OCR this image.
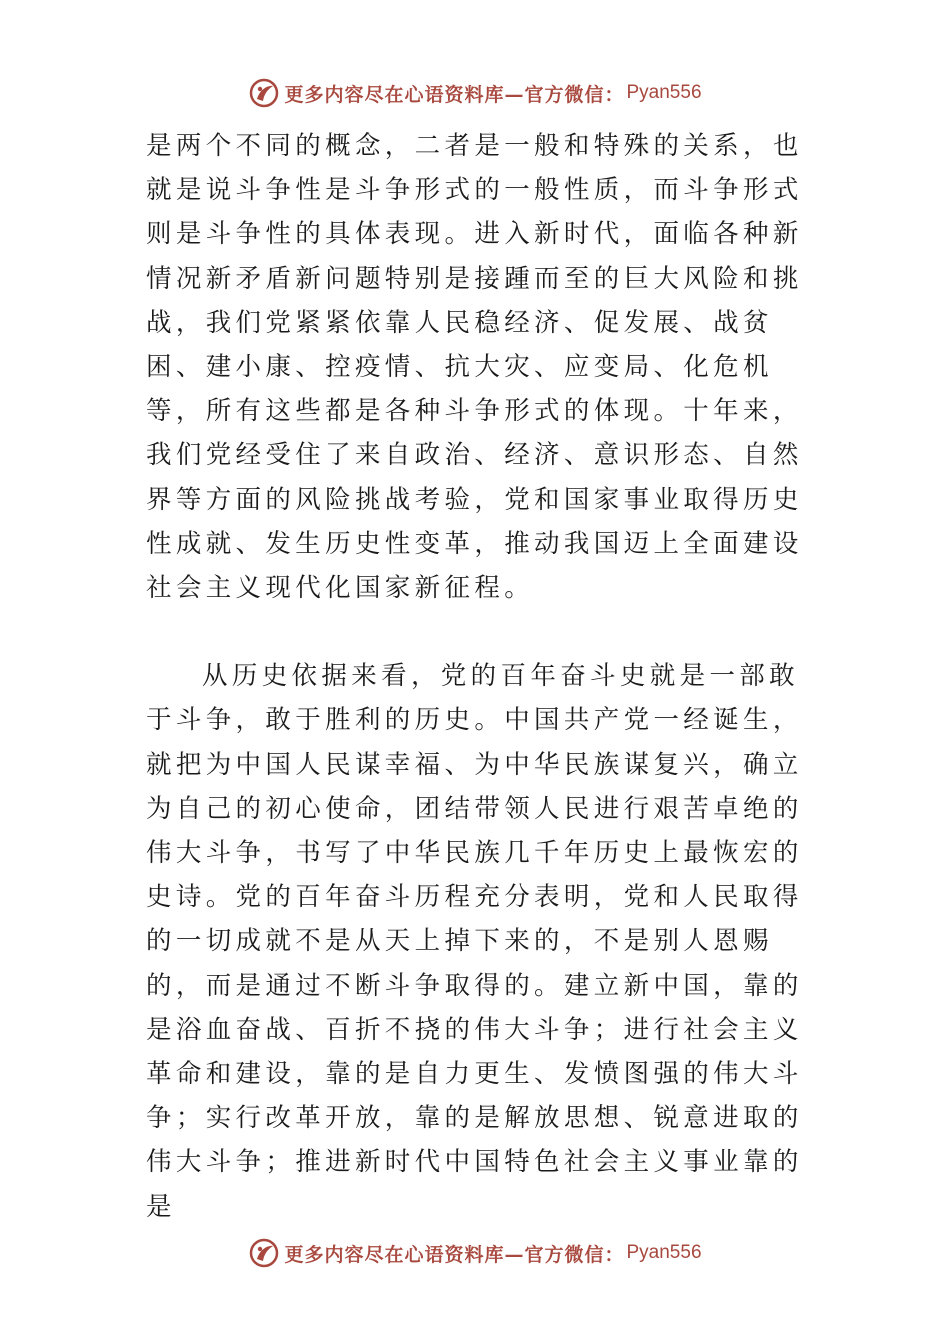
更多内容尽在心语资料库—官方微信： Pyan556

是两个不同的概念，二者是一般和特殊的关系，也就是说斗争性是斗争形式的一般性质，而斗争形式则是斗争性的具体表现。进入新时代，面临各种新情况新矛盾新问题特别是接踵而至的巨大风险和挑战，我们党紧紧依靠人民稳经济、促发展、战贫困、建小康、控疫情、抗大灾、应变局、化危机等，所有这些都是各种斗争形式的体现。十年来，我们党经受住了来自政治、经济、意识形态、自然界等方面的风险挑战考验，党和国家事业取得历史性成就、发生历史性变革，推动我国迈上全面建设社会主义现代化国家新征程。

从历史依据来看，党的百年奋斗史就是一部敢于斗争，敢于胜利的历史。中国共产党一经诞生，就把为中国人民谋幸福、为中华民族谋复兴，确立为自己的初心使命，团结带领人民进行艰苦卓绝的伟大斗争，书写了中华民族几千年历史上最恢宏的史诗。党的百年奋斗历程充分表明，党和人民取得的一切成就不是从天上掉下来的，不是别人恩赐的，而是通过不断斗争取得的。建立新中国，靠的是浴血奋战、百折不挠的伟大斗争；进行社会主义革命和建设，靠的是自力更生、发愤图强的伟大斗争；实行改革开放，靠的是解放思想、锐意进取的伟大斗争；推进新时代中国特色社会主义事业靠的是

更多内容尽在心语资料库—官方微信： Pyan556
